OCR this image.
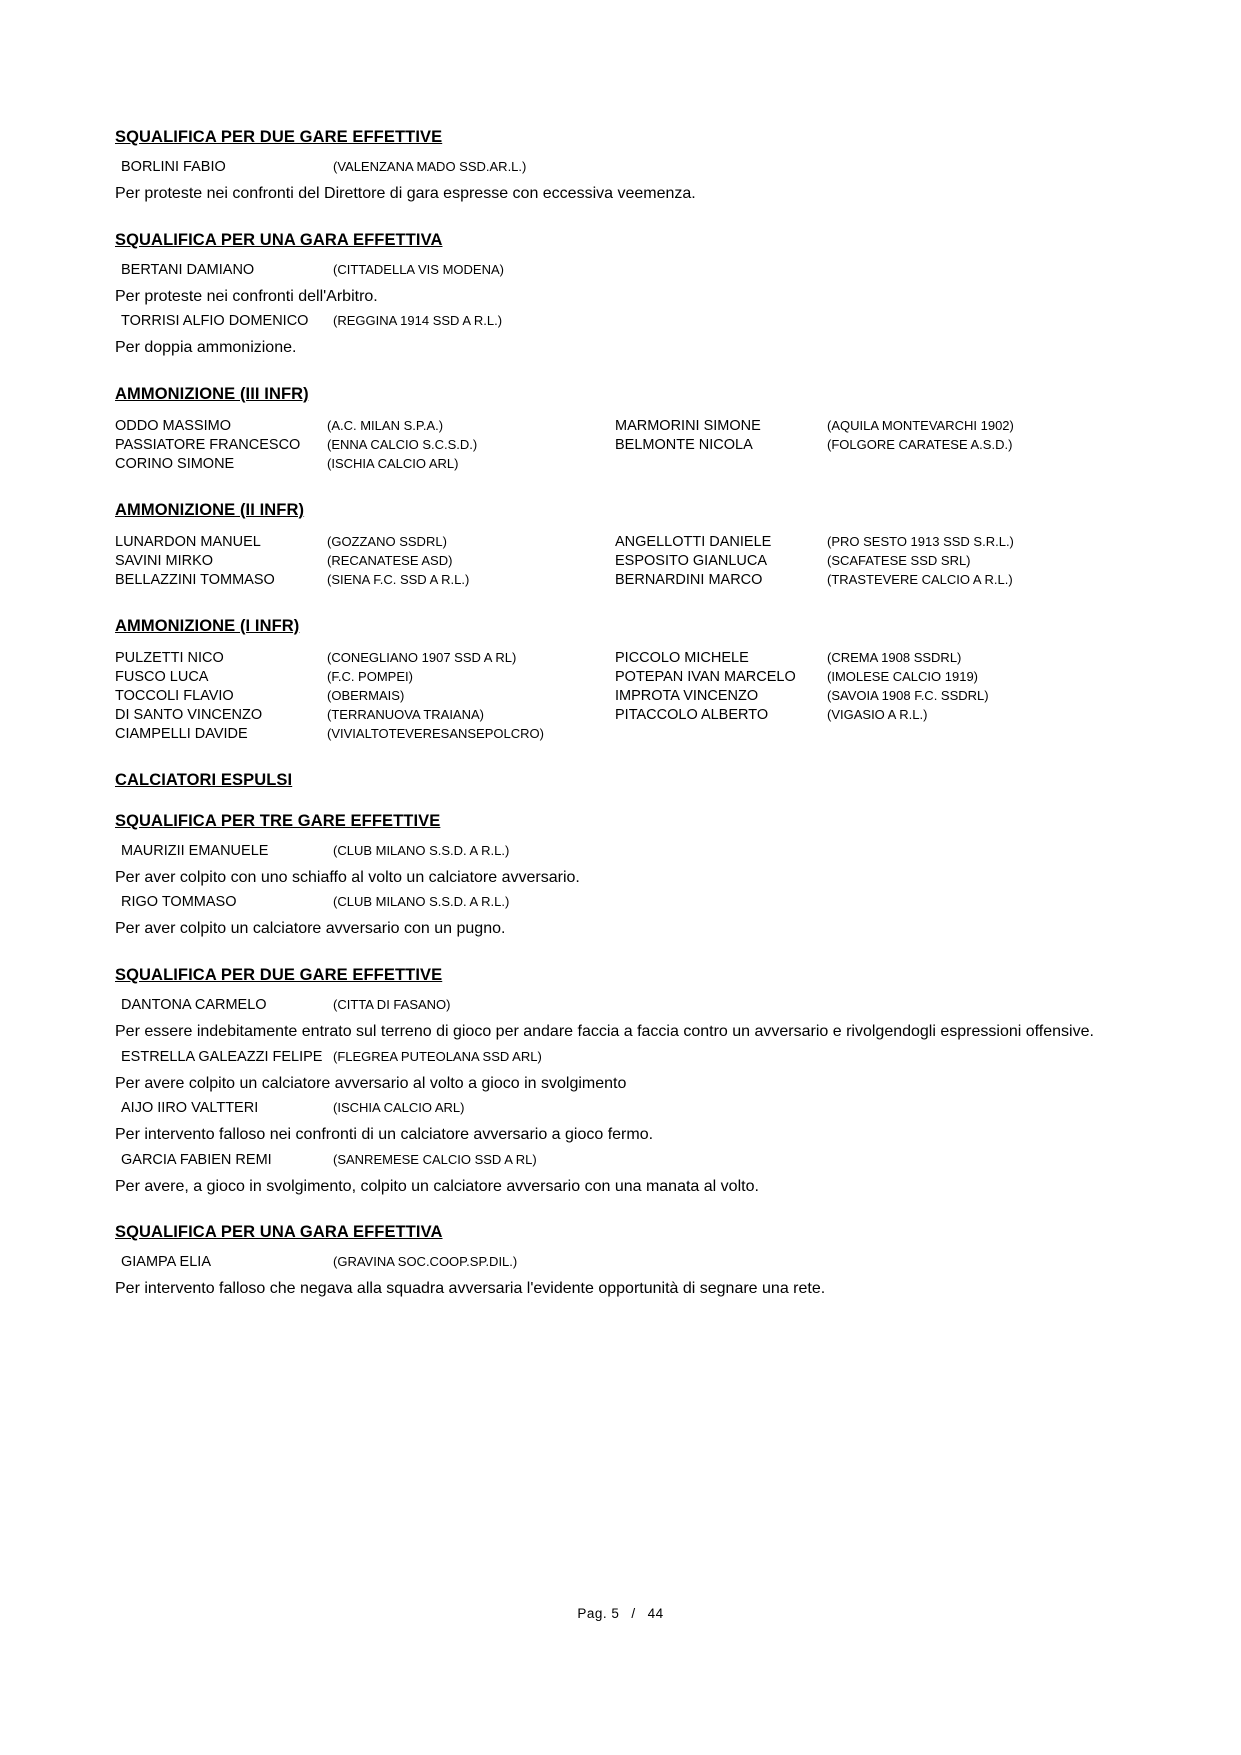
SQUALIFICA PER DUE GARE EFFETTIVE
BORLINI FABIO	(VALENZANA MADO SSD.AR.L.)
Per proteste nei confronti del Direttore di gara espresse con eccessiva veemenza.
SQUALIFICA PER UNA GARA EFFETTIVA
BERTANI DAMIANO	(CITTADELLA VIS MODENA)
Per proteste nei confronti dell'Arbitro.
TORRISI ALFIO DOMENICO	(REGGINA 1914 SSD A R.L.)
Per doppia ammonizione.
AMMONIZIONE (III INFR)
ODDO MASSIMO	(A.C. MILAN S.P.A.)	MARMORINI SIMONE	(AQUILA MONTEVARCHI 1902)
PASSIATORE FRANCESCO	(ENNA CALCIO S.C.S.D.)	BELMONTE NICOLA	(FOLGORE CARATESE A.S.D.)
CORINO SIMONE	(ISCHIA CALCIO ARL)		
AMMONIZIONE (II INFR)
LUNARDON MANUEL	(GOZZANO SSDRL)	ANGELLOTTI DANIELE	(PRO SESTO 1913 SSD S.R.L.)
SAVINI MIRKO	(RECANATESE ASD)	ESPOSITO GIANLUCA	(SCAFATESE SSD SRL)
BELLAZZINI TOMMASO	(SIENA F.C. SSD A R.L.)	BERNARDINI MARCO	(TRASTEVERE CALCIO A R.L.)
AMMONIZIONE (I INFR)
PULZETTI NICO	(CONEGLIANO 1907 SSD A RL)	PICCOLO MICHELE	(CREMA 1908 SSDRL)
FUSCO LUCA	(F.C. POMPEI)	POTEPAN IVAN MARCELO	(IMOLESE CALCIO 1919)
TOCCOLI FLAVIO	(OBERMAIS)	IMPROTA VINCENZO	(SAVOIA 1908 F.C. SSDRL)
DI SANTO VINCENZO	(TERRANUOVA TRAIANA)	PITACCOLO ALBERTO	(VIGASIO A R.L.)
CIAMPELLI DAVIDE	(VIVIALTOTEVERESANSEPOLCRO)		
CALCIATORI ESPULSI
SQUALIFICA PER TRE GARE EFFETTIVE
MAURIZII EMANUELE	(CLUB MILANO S.S.D. A R.L.)
Per aver colpito con uno schiaffo al volto un calciatore avversario.
RIGO TOMMASO	(CLUB MILANO S.S.D. A R.L.)
Per aver colpito un calciatore avversario con un pugno.
SQUALIFICA PER DUE GARE EFFETTIVE
DANTONA CARMELO	(CITTA DI FASANO)
Per essere indebitamente entrato sul terreno di gioco per andare faccia a faccia contro un avversario e rivolgendogli espressioni offensive.
ESTRELLA GALEAZZI FELIPE (FLEGREA PUTEOLANA SSD ARL)
Per avere colpito un calciatore avversario al volto a gioco in svolgimento
AIJO IIRO VALTTERI	(ISCHIA CALCIO ARL)
Per intervento falloso nei confronti di un calciatore avversario a gioco fermo.
GARCIA FABIEN REMI	(SANREMESE CALCIO SSD A RL)
Per avere, a gioco in svolgimento, colpito un calciatore avversario con una manata al volto.
SQUALIFICA PER UNA GARA EFFETTIVA
GIAMPA ELIA	(GRAVINA SOC.COOP.SP.DIL.)
Per intervento falloso che negava alla squadra avversaria l'evidente opportunità di segnare una rete.
Pag. 5 / 44
